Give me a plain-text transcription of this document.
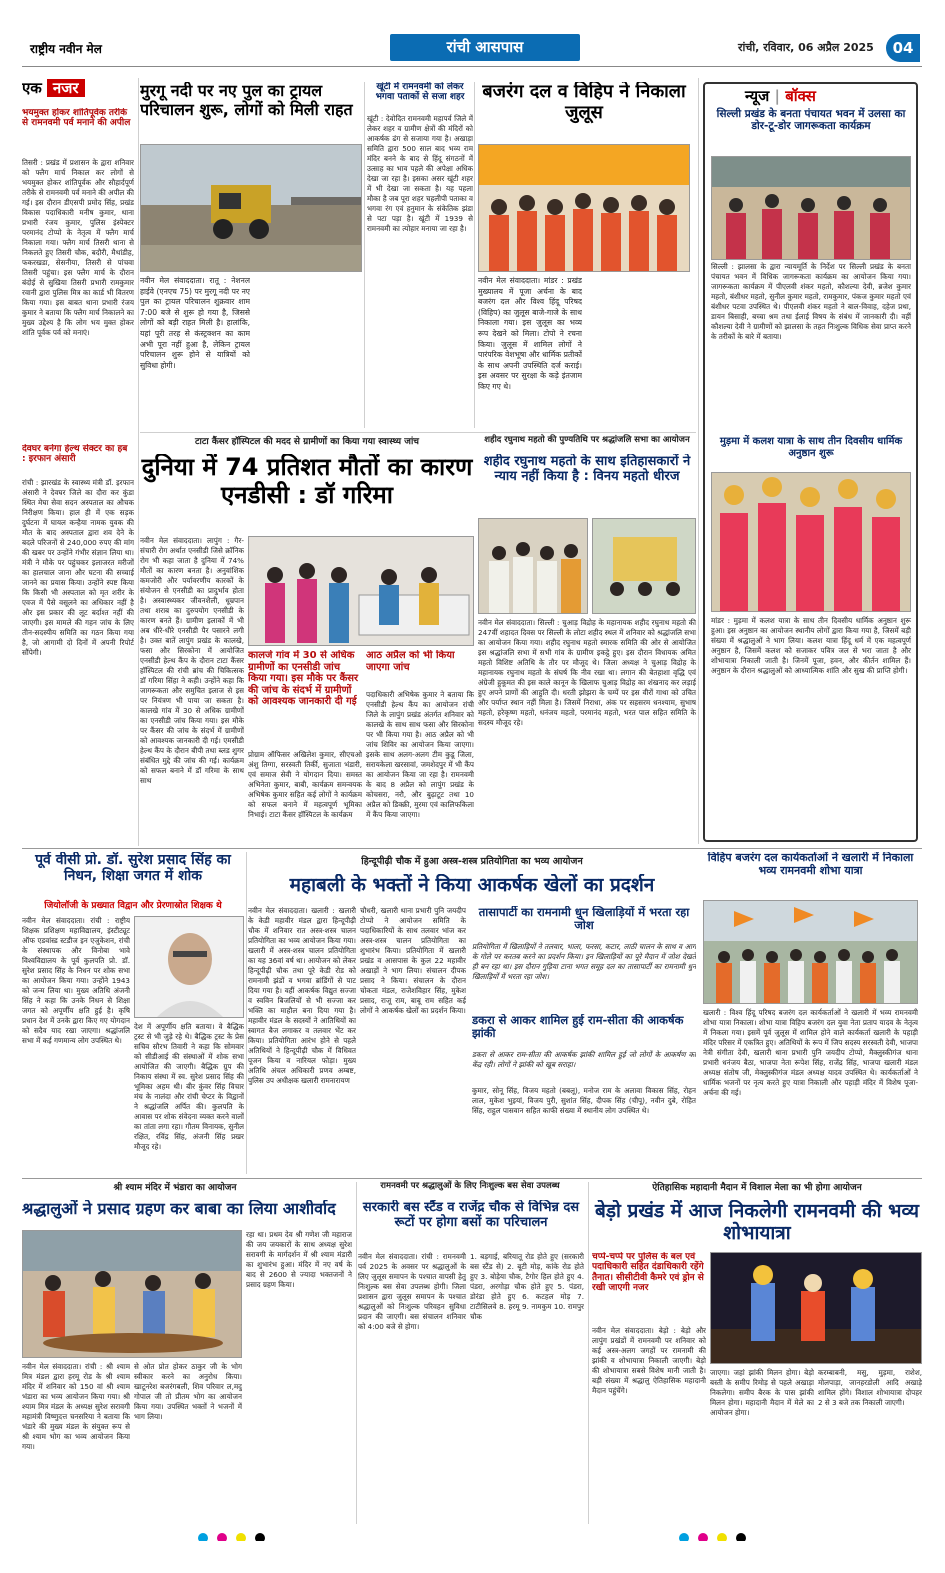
राष्ट्रीय नवीन मेल	रांची आसपास	रांची, रविवार, 06 अप्रैल 2025	04
एक नजर
भयमुक्त होकर शांतिपूर्वक तरीके से रामनवमी पर्व मनाने की अपील
तिसरी : प्रखंड में प्रशासन के द्वारा शनिवार को फ्लैग मार्च निकाल कर लोगों से भयमुक्त होकर शांतिपूर्वक और सौहार्दपूर्ण तरीके से रामनवमी पर्व मनाने की अपील की गई। इस दौरान डीएसपी प्रमोद सिंह, प्रखंड विकास पदाधिकारी मनीष कुमार, थाना प्रभारी रंजय कुमार, पुलिस इंस्पेक्टर परमानंद टोप्पो के नेतृत्व में फ्लैग मार्च निकाला गया। फ्लैग मार्च तिसरी थाना से निकलते हुए तिसरी चौक, बदौरी, मैथांडीह, फकरखडा, सेसनीया, तिसरी से पांचवा तिसरी पहुंचा। इस फ्लैग मार्च के दौरान बंदोई से सुखिया तिसरी प्रभारी रामकुमार रवानी द्वारा पुलिस मित्र का कार्ड भी वितरण किया गया। इस बाबत थाना प्रभारी रंजय कुमार ने बताया कि फ्लैग मार्च निकालने का मुख्य उद्देश्य है कि लोग भय मुक्त होकर शांति पूर्वक पर्व को मनाएं।
देवघर बनेगा हेल्थ सेक्टर का हब : इरफान अंसारी
रांची : झारखंड के स्वास्थ्य मंत्री डॉ. इरफान अंसारी ने देवघर जिले का दौरा कर कुंडा स्थित मेघा सेवा सदन अस्पताल का औचक निरीक्षण किया। हाल ही में एक सड़क दुर्घटना में घायल कन्हैया नामक युवक की मौत के बाद अस्पताल द्वारा शव देने के बदले परिजनों से 240,000 रुपए की मांग की खबर पर उन्होंने गंभीर संज्ञान लिया था। मंत्री ने मौके पर पहुंचकर इलाजरत मरीजों का हालचाल जाना और घटना की सच्चाई जानने का प्रयास किया। उन्होंने स्पष्ट किया कि किसी भी अस्पताल को मृत शरीर के एवज में पैसे वसूलने का अधिकार नहीं है और इस प्रकार की लूट बर्दाश्त नहीं की जाएगी। इस मामले की गहन जांच के लिए तीन-सदस्यीय समिति का गठन किया गया है, जो आगामी दो दिनों में अपनी रिपोर्ट सौंपेगी।
मुरगू नदी पर नए पुल का ट्रायल परिचालन शुरू, लोगों को मिली राहत
नवीन मेल संवाददाता। रातू : नेशनल हाईवे (एनएच 75) पर मुरगू नदी पर नए पुल का ट्रायल परिचालन शुक्रवार शाम 7:00 बजे से शुरू हो गया है, जिससे लोगों को बड़ी राहत मिली है। हालांकि, यहां पूरी तरह से कंस्ट्रक्शन का काम अभी पूरा नहीं हुआ है, लेकिन ट्रायल परिचालन शुरू होने से यात्रियों को सुविधा होगी।
खूंटी में रामनवमी को लेकर भगवा पताकों से सजा शहर
खूंटी : देवोदित रामनवमी महापर्व जिले में लेकर शहर व ग्रामीण क्षेत्रों की मंदिरों को आकर्षक ढंग से सजाया गया है। अखाड़ा समिति द्वारा 500 साल बाद भव्य राम मंदिर बनने के बाद से हिंदू संगठनों में उत्साह का भाव पहले की अपेक्षा अधिक देखा जा रहा है। इसका असर खूंटी शहर में भी देखा जा सकता है। यह पहला मौका है जब पूरा शहर चहलीपी पताका व भगवा रंग एवं हनुमान के संकेतिक झंडा से पटा पड़ा है। खूंटी में 1939 से रामनवमी का त्योहार मनाया जा रहा है।
बजरंग दल व विहिप ने निकाला जुलूस
नवीन मेल संवाददाता। मांडर : प्रखंड मुख्यालय में पूजा अर्चना के बाद बजरंग दल और विश्व हिंदू परिषद (विहिप) का जुलूस बाजे-गाजे के साथ निकाला गया। इस जुलूस का भव्य रूप देखने को मिला। टोपो ने रचना किया। जुलूस में शामिल लोगों ने पारंपरिक वेशभूषा और धार्मिक प्रतीकों के साथ अपनी उपस्थिति दर्ज कराई। इस अवसर पर सुरक्षा के कड़े इंतजाम किए गए थे।
न्यूज | बॉक्स
सिल्ली प्रखंड के बनता पंचायत भवन में उलसा का डोर-टू-डोर जागरूकता कार्यक्रम
सिल्ली : झालसा के द्वारा न्यायमूर्ति के निर्देश पर सिल्ली प्रखंड के बनता पंचायत भवन में विधिक जागरूकता कार्यक्रम का आयोजन किया गया। जागरूकता कार्यक्रम में पीएलवी शंकर महतो, कौशल्या देवी, ब्रजेश कुमार महतो, बंशीधर महतो, सुनील कुमार महतो, रामकुमार, पंकज कुमार महतो एवं बंशीधर पटवा उपस्थित थे। पीएलवी शंकर महतो ने बाल-विवाह, दहेज प्रथा, डायन बिसाही, बच्चा श्रम तथा ईलाई विषय के संबंध में जानकारी दी। वहीं कौशल्या देवी ने ग्रामीणों को झालसा के तहत निःशुल्क विधिक सेवा प्राप्त करने के तरीकों के बारे में बताया।
मुड़मा में कलश यात्रा के साथ तीन दिवसीय धार्मिक अनुष्ठान शुरू
मांडर : मुड़मा में कलश यात्रा के साथ तीन दिवसीय धार्मिक अनुष्ठान शुरू हुआ। इस अनुष्ठान का आयोजन स्थानीय लोगों द्वारा किया गया है, जिसमें बड़ी संख्या में श्रद्धालुओं ने भाग लिया। कलश यात्रा हिंदू धर्म में एक महत्वपूर्ण अनुष्ठान है, जिसमें कलश को सजाकर पवित्र जल से भरा जाता है और शोभायात्रा निकाली जाती है। जिनमें पूजा, हवन, और कीर्तन शामिल हैं। अनुष्ठान के दौरान श्रद्धालुओं को आध्यात्मिक शांति और सुख की प्राप्ति होगी।
टाटा कैंसर हॉस्पिटल की मदद से ग्रामीणों का किया गया स्वास्थ्य जांच	शहीद रघुनाथ महतो की पुण्यतिथि पर श्रद्धांजलि सभा का आयोजन
दुनिया में 74 प्रतिशत मौतों का कारण एनडीसी : डॉ गरिमा
नवीन मेल संवाददाता। लापुंग : गैर-संचारी रोग अर्थात एनसीडी जिसे क्रॉनिक रोग भी कहा जाता है दुनिया में 74% मौतों का कारण बनता है। अनुवांशिक कमजोरी और पर्यावरणीय कारकों के संयोजन से एनसीडी का प्रादुर्भाव होता है। अस्वास्थ्यकर जीवनशैली, धूम्रपान तथा शराब का दुरुपयोग एनसीडी के कारण बनते हैं। ग्रामीण इलाकों में भी अब धीरे-धीरे एनसीडी पैर पसारने लगी है। उक्त बातें लापुंग प्रखंड के कालखे, फसा और सिरकोना में आयोजित एनसीडी हेल्थ कैंप के दौरान टाटा कैंसर हॉस्पिटल की रांची ब्रांच की चिकित्सक डॉ गरिमा सिंहा ने कही। उन्होंने कहा कि जागरूकता और समुचित इलाज से इस पर नियंत्रण भी पाया जा सकता है। कालखे गांव में 30 से अधिक ग्रामीणों का एनसीडी जांच किया गया। इस मौके पर कैंसर की जांच के संदर्भ में ग्रामीणों को आवश्यक जानकारी दी गई। एमसीडी हेल्थ कैंप के दौरान बीपी तथा ब्लड शुगर संबंधित मुद्दे की जांच की गई। कार्यक्रम को सफल बनाने में डॉ गरिमा के साथ साथ
कालजे गांव में 30 से अधिक ग्रामीणों का एनसीडी जांच किया गया। इस मौके पर कैंसर की जांच के संदर्भ में ग्रामीणों को आवश्यक जानकारी दी गई
आठ अप्रैल को भी किया जाएगा जांच
प्रोग्राम ऑफिसर अखिलेश कुमार, सीएचओ अंशु तिग्गा, सरस्वती तिर्की, सुजाता भंडारी, एवं समाज सेवी ने योगदान दिया। समस्त अभिनेता कुमार, बाबी, कार्यक्रम समन्वयक अभिषेक कुमार सहित कई लोगों ने कार्यक्रम को सफल बनाने में महत्वपूर्ण भूमिका निभाई। टाटा कैंसर हॉस्पिटल के कार्यक्रम
पदाधिकारी अभिषेक कुमार ने बताया कि एनसीडी हेल्थ कैंप का आयोजन रांची जिले के लापुंग प्रखंड अंतर्गत शनिवार को कालखे के साथ साथ फसा और सिरकोना पर भी किया गया है। आठ अप्रैल को भी जांच शिविर का आयोजन किया जाएगा। इसके साथ अलग-अलग टीम कुडू जिला, सरायकेला खरसावां, जमशेदपुर में भी कैंप का आयोजन किया जा रहा है। रामनवमी के बाद 8 अप्रैल को लापुंग प्रखंड के कोचसरा, नरौ, और बुढ़ाटूट तथा 10 अप्रैल को डिक्क्री, मुरमा एवं कालिफकिला में कैंप किया जाएगा।
शहीद रघुनाथ महतो के साथ इतिहासकारों ने न्याय नहीं किया है : विनय महतो धीरज
नवीन मेल संवाददाता। सिल्ली : चुआड़ विद्रोह के महानायक शहीद रघुनाथ महतो की 247वीं शहादत दिवस पर सिल्ली के लोटा शहीद स्थल में शनिवार को श्रद्धांजलि सभा का आयोजन किया गया। शहीद रघुनाथ महतो स्मारक समिति की ओर से आयोजित इस श्रद्धांजलि सभा में सभी गांव के ग्रामीण इकट्ठे हुए। इस दौरान विधायक अमित महतो विशिष्ट अतिथि के तौर पर मौजूद थे। जिला अध्यक्ष ने चुआड़ विद्रोह के महानायक रघुनाथ महतो के संघर्ष कि नीव रखा था। लगान की बेतहाशा वृद्धि एवं अंग्रेजी हुकूमत की इस काले कानून के खिलाफ चुआड़ विद्रोह का शंखनाद कर लड़ाई हुए अपने प्राणों की आहुति दी। धरती झोझरा के चम्पें पर इस वीरों गाथा को उचित और पर्याप्त स्थान नहीं मिला है। जिसमें निराधा, अंक पर सहसरम धनश्याम, सुभाष महतो, हरेकृष्ण महतो, धनंजय महतो, परमानंद महतो, भरत पाल सहित समिति के सदस्य मौजूद रहे।
पूर्व वीसी प्रो. डॉ. सुरेश प्रसाद सिंह का निधन, शिक्षा जगत में शोक
जियोलॉजी के प्रख्यात विद्वान और प्रेरणास्रोत शिक्षक थे
नवीन मेल संवाददाता। रांची : राष्ट्रीय शिक्षक प्रशिक्षण महाविद्यालय, इंस्टीट्यूट ऑफ एडवांस्ड स्टडीज इन एजुकेशन, रांची के संस्थापक और विनोबा भावे विश्वविद्यालय के पूर्व कुलपति प्रो. डॉ. सुरेश प्रसाद सिंह के निधन पर शोक सभा का आयोजन किया गया। उन्होंने 1943 को जन्म लिया था। मुख्य अतिथि अंजनी सिंह ने कहा कि उनके निधन से शिक्षा जगत को अपूर्णीय क्षति हुई है। कृषि प्रधान देश में उनके द्वारा किए गए योगदान को सदैव याद रखा जाएगा। श्रद्धांजलि सभा में कई गणमान्य लोग उपस्थित थे।
देश में अपूर्णीय क्षति बताया। वे बैद्धिक ट्रस्ट से भी जुड़े रहे थे। बैद्धिक ट्रस्ट के प्रेस सचिव सौरभ तिवारी ने कहा कि सोमवार को सीडीआई की संस्थाओं में शोक सभा आयोजित की जाएगी। बैद्धिक ग्रुप की निकाय संस्था में स्व. सुरेश प्रसाद सिंह की भूमिका अहम थी। बीर कुंवर सिंह विचार मंच के नालंदा और रांची चेप्टर के विद्वानों ने श्रद्धांजलि अर्पित की। कुलपति के आवास पर शोक संवेदना व्यक्त करने वालों का तांता लगा रहा। गौतम विनायक, सुनील रक्षित, रविंद्र सिंह, अंजनी सिंह प्रखर मौजूद रहे।
हिन्दूपीढ़ी चौक में हुआ अस्त्र-शस्त्र प्रतियोगिता का भव्य आयोजन
महाबली के भक्तों ने किया आकर्षक खेलों का प्रदर्शन
नवीन मेल संवाददाता। खलारी : खलारी के केडी महावीर मंडल द्वारा हिन्दूपीढ़ी चौक में शनिवार रात अस्त्र-शस्त्र चालन प्रतियोगिता का भव्य आयोजन किया गया। खलारी में अस्त्र-शस्त्र चालन प्रतियोगिता का यह 36वां वर्ष था। आयोजन को लेकर हिन्दूपीढ़ी चौक तथा पूरे केडी रोड को रामनामी झंडों व भगवा ब्रांडिंगों से पाट दिया गया है। वहीं आकर्षक विद्युत सज्जा व स्वविन बिजलियों से भी सज्जा कर भक्ति का माहौल बना दिया गया है। महावीर मंडल के सदस्यों ने आतिथियों का स्वागत बैज लगाकर व तलवार भेंट कर किया। प्रतियोगिता आरंभ होने से पहले अतिथियों ने हिन्दूपीढ़ी चौक में विधिवत पूजन किया व नारियल फोड़ा। मुख्य अतिथि अंचल अधिकारी प्रणव अम्बष्ट, पुलिस उप अधीक्षक खलारी रामनारायण
चौधरी, खलारी थाना प्रभारी पुनि जयदीप टोप्पो ने आयोजन समिति के पदाधिकारियों के साथ तलवार भांज कर अस्त्र-शस्त्र चालन प्रतियोगिता का शुभारंभ किया। प्रतियोगिता में खलारी प्रखंड व आसपास के कुल 22 महावीर अखाड़ों ने भाग लिया। संचालन दीपक प्रसाद ने किया। संचालन के दौरान चोकता मंडल, राजेशविहार सिंह, मुकेश प्रसाद, राजू राम, बाबू राम सहित कई लोगों ने आकर्षक खेलों का प्रदर्शन किया।
तासापार्टी का रामनामी धुन खिलाड़ियों में भरता रहा जोश
प्रतियोगिता में खिलाड़ियों ने तलवार, भाला, फरसा, कटार, लाठी चालन के साथ व आग के गोले पर करतब करने का प्रदर्शन किया। इन खिलाड़ियों का पूरे मैदान में जोश देखते ही बन रहा था। इस दौरान गुड़िया टाना भगत समूह दल का तासापार्टी का रामनामी धुन खिलाड़ियों में भरता रहा जोश।
डकरा से आकर शामिल हुई राम-सीता की आकर्षक झांकी
डकरा से आकर राम-सीता की आकर्षक झांकी शामिल हुई जो लोगों के आकर्षण का केंद्र रही। लोगों ने झांकी को खूब सराहा।
कुमार, सोनू सिंह, विजय महतो (बबलू), मनोज राम के अलावा विकास सिंह, रोहन लाल, मुकेश भुइयां, विजय पुरी, सुशांत सिंह, दीपक सिंह (चीपू), नवीन दुबे, रोहित सिंह, राहुल पासवान सहित काफी संख्या में स्थानीय लोग उपस्थित थे।
विहिप बजरंग दल कार्यकर्ताओं ने खलारी में निकाला भव्य रामनवमी शोभा यात्रा
खलारी : विश्व हिंदू परिषद बजरंग दल कार्यकर्ताओं ने खलारी में भव्य रामनवमी शोभा यात्रा निकाला। शोभा यात्रा विहिप बजरंग दल युवा नेता प्रताप यादव के नेतृत्व में निकला गया। इसमें पूर्व जुलूस में शामिल होने वाले कार्यकर्ता खलारी के पहाड़ी मंदिर परिसर में एकत्रित हुए। अतिथियों के रूप में जिप सदस्य सरस्वती देवी, भाजपा नेत्री संगीता देवी, खलारी थाना प्रभारी पुनि जयदीप टोप्पो, मैक्लुस्कीगंज थाना प्रभारी धनंजय बैठा, भाजपा नेता रूपेश सिंह, राजेंद्र सिंह, भाजपा खलारी मंडल अध्यक्ष संतोष जी, मेक्लुस्कीगंज मंडल अध्यक्ष यादव उपस्थित थे। कार्यकर्ताओं ने धार्मिक भजनों पर नृत्य करते हुए यात्रा निकाली और पहाड़ी मंदिर में विशेष पूजा-अर्चना की गई।
श्री श्याम मंदिर में भंडारा का आयोजन
श्रद्धालुओं ने प्रसाद ग्रहण कर बाबा का लिया आशीर्वाद
नवीन मेल संवाददाता। रांची : श्री श्याम मित्र मंडल द्वारा हरमू रोड के श्री श्याम मंदिर में शनिवार को 150 वां श्री श्याम भंडारा का भव्य आयोजन किया गया। श्री श्याम मित्र मंडल के अध्यक्ष सुरेश सरावगी महामंत्री विष्णुदत्त चनसरिया ने बताया कि भंडारे की मुख्य मंडल के संयुक्त रूप से श्री श्याम भोग का भव्य आयोजन किया गया।
से ओत प्रोत होकर ठाकुर जी के भोग स्वीकार करने का अनुरोध किया। खाटूनरेश बजरंगबली, शिव परिवार ल,मदु गोपाल जी तो प्रीतम भोग का आयोजन किया गया। उपस्थित भक्तों ने भजनों में भाग लिया।
रहा था। प्रथम देव श्री गणेश जी महाराज की जय जयकारों के साथ अध्यक्ष सुरेश सरावगी के मार्गदर्शन में श्री श्याम मंडारी का शुभारंभ हुआ। मंदिर में नए वर्ष के बाद से 2600 से ज्यादा भक्तजनों ने प्रसाद ग्रहण किया।
रामनवमी पर श्रद्धालुओं के लिए निःशुल्क बस सेवा उपलब्ध
सरकारी बस स्टैंड व राजेंद्र चौक से विभिन्न दस रूटों पर होगा बसों का परिचालन
नवीन मेल संवाददाता। रांची : रामनवमी पर्व 2025 के अवसर पर श्रद्धालुओं के लिए जुलूस समापन के पश्चात वापसी हेतु निःशुल्क बस सेवा उपलब्ध होगी। जिला प्रशासन द्वारा जुलूस समापन के पश्चात श्रद्धालुओं को निःशुल्क परिवहन सुविधा प्रदान की जाएगी। बस संचालन शनिवार को 4:00 बजे से होगा।
1. बड़गाई, बरियातू रोड होते हुए (सरकारी बस स्टैंड से) 2. बूटी मोड़, कांके रोड होते हुए 3. बोड़ेया चौक, टैगोर हिल होते हुए 4. पंडरा, अरगोड़ा चौक होते हुए 5. पंडरा, डोरंडा होते हुए 6. कटहल मोड़ 7. टाटीसिलवे 8. हरमू 9. नामकुम 10. रामपुर चौक
ऐतिहासिक महादानी मैदान में विशाल मेला का भी होगा आयोजन
बेड़ो प्रखंड में आज निकलेगी रामनवमी की भव्य शोभायात्रा
चप्पे-चप्पे पर पुलिस के बल एवं पदाधिकारी सहित दंडाधिकारी रहेंगे तैनात। सीसीटीवी कैमरे एवं ड्रोन से रखी जाएगी नजर
नवीन मेल संवाददाता। बेड़ो : बेड़ो और लापुंग प्रखंडों में रामनवमी पर शनिवार को कई अस्त्र-अलग जगहों पर रामनामी की झांकी व शोभायात्रा निकाली जाएगी। बेड़ो की शोभायात्रा सबसे विशेष मानी जाती है। बड़ी संख्या में श्रद्धालु ऐतिहासिक महादानी मैदान पहुंचेंगे।
जाएगा। जहां झांकी मिलन होगा। बेड़ो बस्ती के समीप रिमोड़ से पहले अखाड़ा निकलेगा। समीप बैरक के पास झांकी मिलन होगा। महादानी मैदान में मेले का आयोजन होगा।
करम्बाबनी, मसु, मुड़मा, राशेश, मोलपाड़ा, जानहरडोली आदि अखाड़े शामिल होंगे। विशाल शोभायात्रा दोपहर 2 से 3 बजे तक निकाली जाएगी।
